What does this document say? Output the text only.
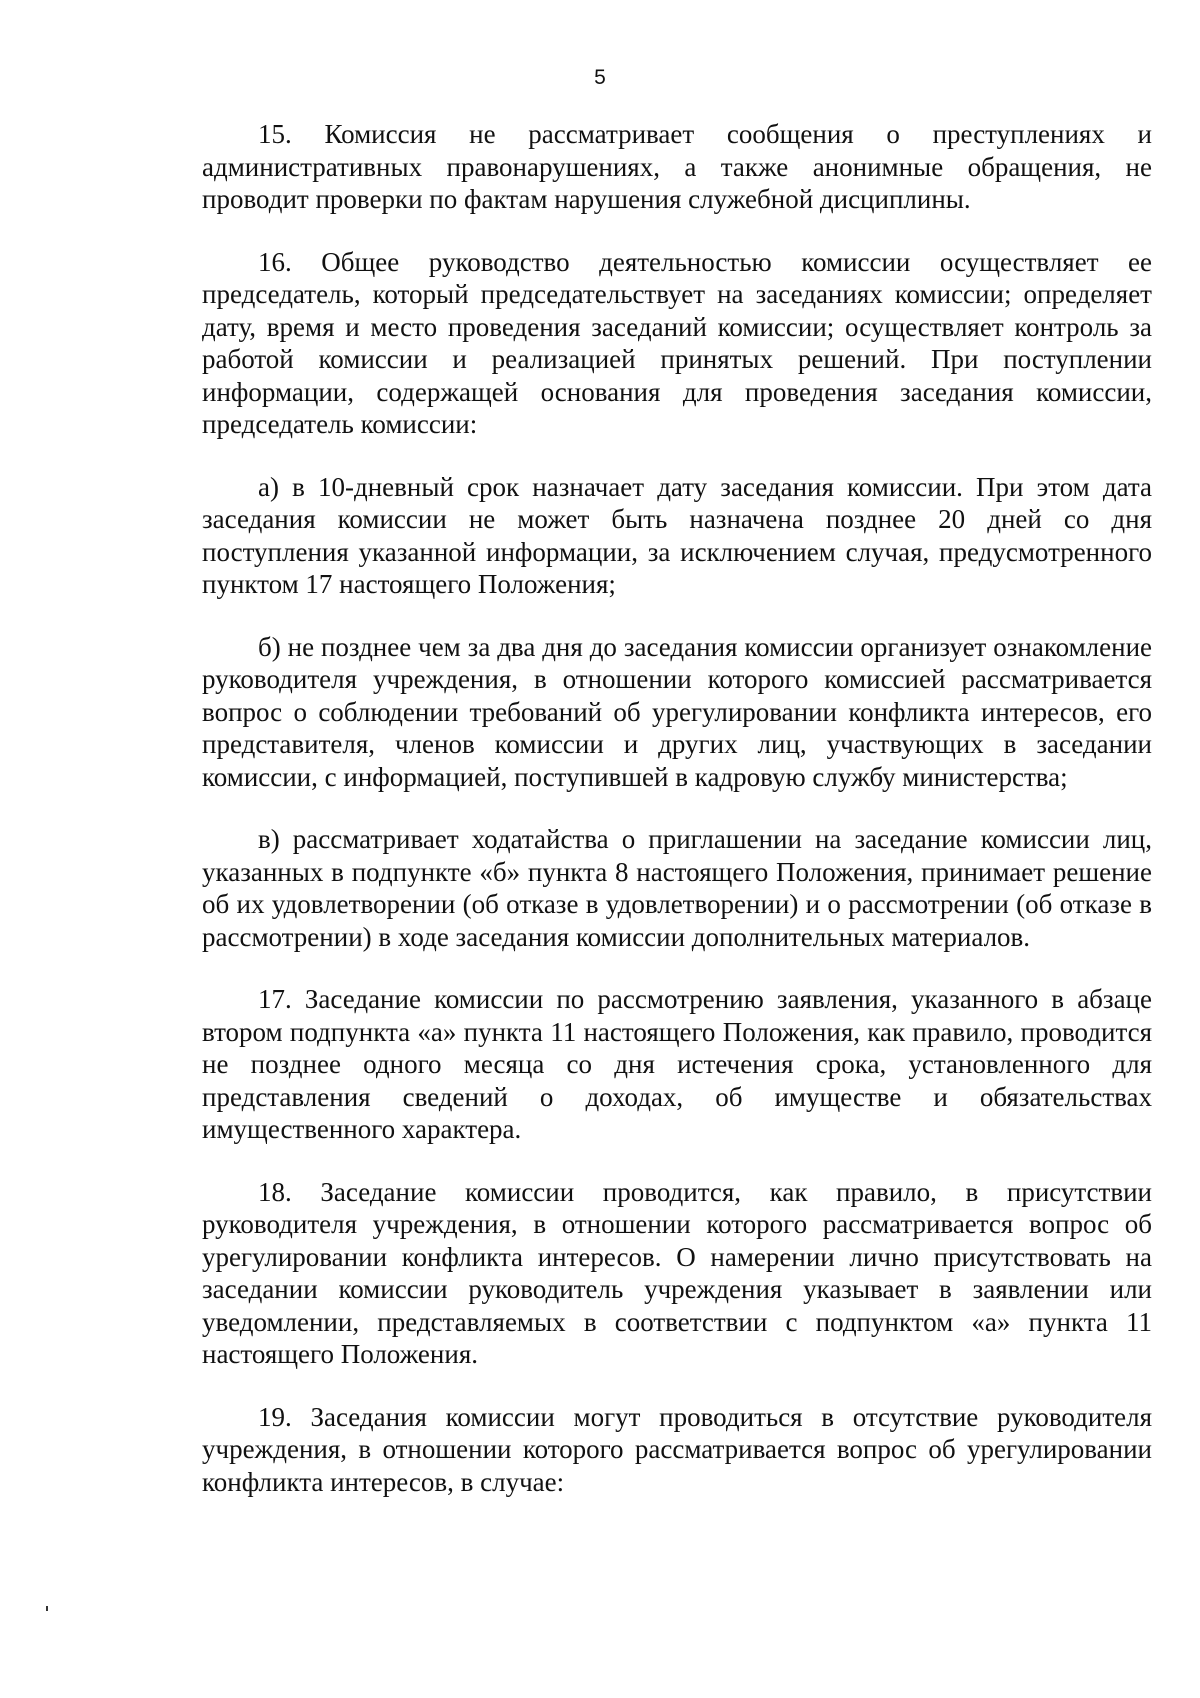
5

15. Комиссия не рассматривает сообщения о преступлениях и административных правонарушениях, а также анонимные обращения, не проводит проверки по фактам нарушения служебной дисциплины.

16. Общее руководство деятельностью комиссии осуществляет ее председатель, который председательствует на заседаниях комиссии; определяет дату, время и место проведения заседаний комиссии; осуществляет контроль за работой комиссии и реализацией принятых решений. При поступлении информации, содержащей основания для проведения заседания комиссии, председатель комиссии:

а) в 10-дневный срок назначает дату заседания комиссии. При этом дата заседания комиссии не может быть назначена позднее 20 дней со дня поступления указанной информации, за исключением случая, предусмотренного пунктом 17 настоящего Положения;

б) не позднее чем за два дня до заседания комиссии организует ознакомление руководителя учреждения, в отношении которого комиссией рассматривается вопрос о соблюдении требований об урегулировании конфликта интересов, его представителя, членов комиссии и других лиц, участвующих в заседании комиссии, с информацией, поступившей в кадровую службу министерства;

в) рассматривает ходатайства о приглашении на заседание комиссии лиц, указанных в подпункте «б» пункта 8 настоящего Положения, принимает решение об их удовлетворении (об отказе в удовлетворении) и о рассмотрении (об отказе в рассмотрении) в ходе заседания комиссии дополнительных материалов.

17. Заседание комиссии по рассмотрению заявления, указанного в абзаце втором подпункта «а» пункта 11 настоящего Положения, как правило, проводится не позднее одного месяца со дня истечения срока, установленного для представления сведений о доходах, об имуществе и обязательствах имущественного характера.

18. Заседание комиссии проводится, как правило, в присутствии руководителя учреждения, в отношении которого рассматривается вопрос об урегулировании конфликта интересов. О намерении лично присутствовать на заседании комиссии руководитель учреждения указывает в заявлении или уведомлении, представляемых в соответствии с подпунктом «а» пункта 11 настоящего Положения.

19. Заседания комиссии могут проводиться в отсутствие руководителя учреждения, в отношении которого рассматривается вопрос об урегулировании конфликта интересов, в случае:
